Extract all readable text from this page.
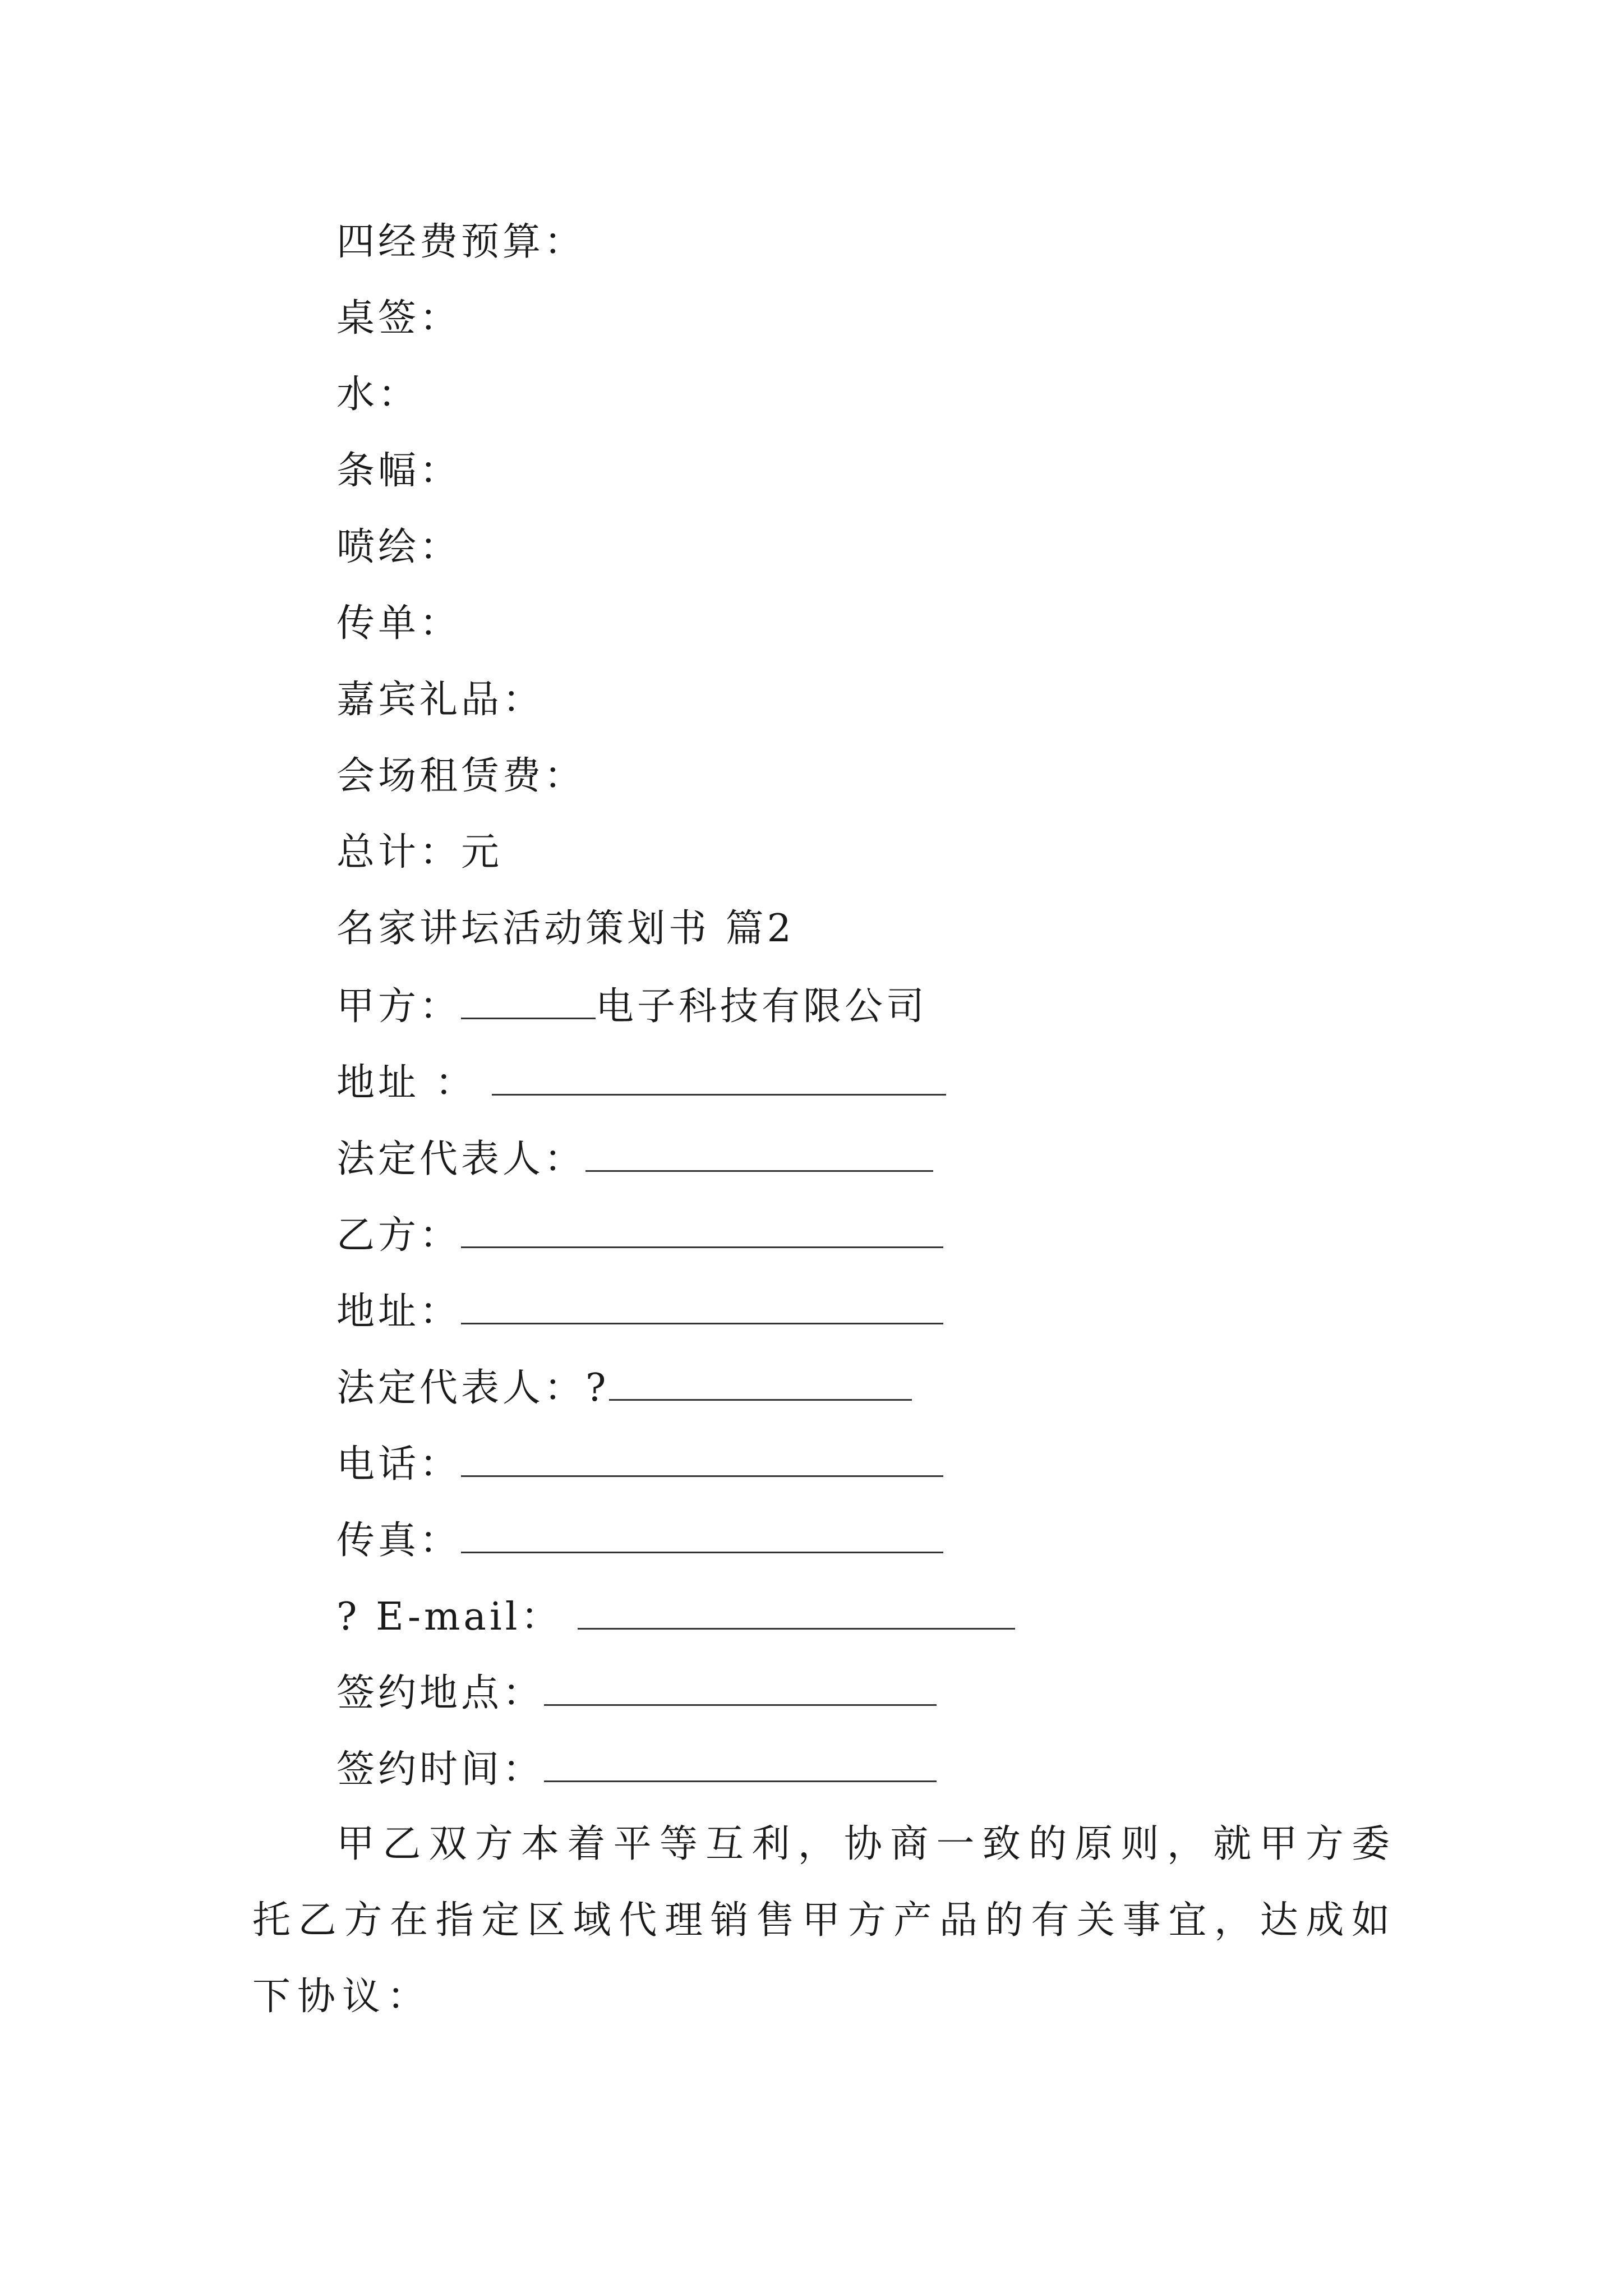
四经费预算：
桌签：
水：
条幅：
喷绘：
传单：
嘉宾礼品：
会场租赁费：
总计：元
名家讲坛活动策划书 篇2
甲方：	电子科技有限公司
地址 ：
法定代表人：
乙方：
地址：
法定代表人：?
电话：
传真：
? E-mail：
签约地点：
签约时间：
甲乙双方本着平等互利，协商一致的原则，就甲方委托乙方在指定区域代理销售甲方产品的有关事宜，达成如下协议：
